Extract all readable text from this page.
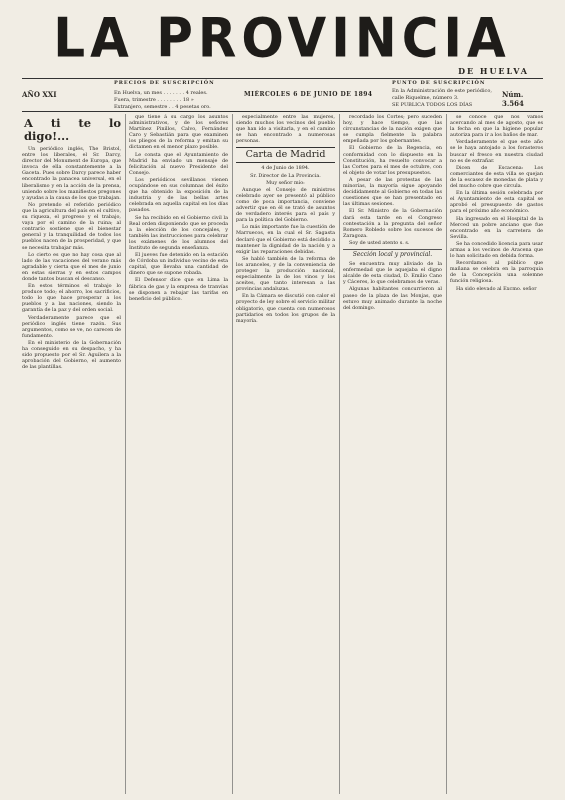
LA PROVINCIA
DE HUELVA
AÑO XXI
PRECIOS DE SUSCRIPCIÓN
En Huelva, un mes . . . . . . . 4 reales.
Fuera, trimestre . . . . . . . . 18 »
Extranjero, semestre . . 4 pesetas oro.
MIÉRCOLES 6 DE JUNIO DE 1894
PUNTO DE SUSCRIPCIÓN
En la Administración de este periódico,
calle Riquelme, número 3.
SE PUBLICA TODOS LOS DÍAS
Núm. 3.564

A ti te lo digo!...

Un periódico inglés, The Bristol, entre los liberales, el Sr. Darcy, director del Monument de Europa, que invoca de ella constantemente a la Gaceta. Pues sobre Darcy parece haber encontrado la panacea universal, en el liberalismo y en la acción de la prensa, uniendo sobre los manifiestos pregones y ayudas a la causa de los que trabajan.

No pretendo el referido periódico que la agricultura del país en el cultivo, su riqueza, el progreso y el trabajo, vaya por el camino de la ruina; al contrario sostiene que el bienestar general y la tranquilidad de todos los pueblos nacen de la prosperidad, y que se necesita trabajar más.

Lo cierto es que no hay cosa que al lado de las vacaciones del verano más agradable y cierta que el mes de junio en estas sierras y en estos campos donde tantos buscan el descanso.

En estos términos el trabajo lo produce todo; el ahorro, los sacrificios, todo lo que hace prosperar a los pueblos y a las naciones, siendo la garantía de la paz y del orden social.

Verdaderamente parece que el periódico inglés tiene razón. Sus argumentos, como se ve, no carecen de fundamento.

En el ministerio de la Gobernación ha conseguido en su despacho, y ha sido propuesto por el Sr. Aguilera a la aprobación del Gobierno, el aumento de las plantillas.

que tiene á su cargo los asuntos administrativos, y de los señores Martínez Pinillos, Calvo, Fernández Caro y Sebastián para que examinen los pliegos de la reforma y emitan su dictamen en el menor plazo posible.

Le consta que el Ayuntamiento de Madrid ha enviado un mensaje de felicitación al nuevo Presidente del Consejo.

Los periódicos sevillanos vienen ocupándose en sus columnas del éxito que ha obtenido la exposición de la industria y de las bellas artes celebrada en aquella capital en los días pasados.

Se ha recibido en el Gobierno civil la Real orden disponiendo que se proceda a la elección de los concejales, y también las instrucciones para celebrar los exámenes de los alumnos del Instituto de segunda enseñanza.

El jueves fue detenido en la estación de Córdoba un individuo vecino de esta capital, que llevaba una cantidad de dinero que se supone robada.

El Defensor dice que en Lima la fábrica de gas y la empresa de tranvías se disponen a rebajar las tarifas en beneficio del público.

especialmente entre las mujeres, siendo muchos los vecinos del pueblo que han ido a visitarla, y en el camino se han encontrado a numerosas personas.

Carta de Madrid

4 de Junio de 1894.

Sr. Director de La Provincia.

Muy señor mío:

Aunque el Consejo de ministros celebrado ayer se presentó al público como de poca importancia, conviene advertir que en él se trató de asuntos de verdadero interés para el país y para la política del Gobierno.

Lo más importante fue la cuestión de Marruecos, en la cual el Sr. Sagasta declaró que el Gobierno está decidido a mantener la dignidad de la nación y a exigir las reparaciones debidas.

Se habló también de la reforma de los aranceles, y de la conveniencia de proteger la producción nacional, especialmente la de los vinos y los aceites, que tanto interesan a las provincias andaluzas.

En la Cámara se discutió con calor el proyecto de ley sobre el servicio militar obligatorio, que cuenta con numerosos partidarios en todos los grupos de la mayoría.

recordado los Cortes; pero suceden hoy, y hace tiempo, que las circunstancias de la nación exigen que se cumpla fielmente la palabra empeñada por los gobernantes.

El Gobierno de la Regencia, en conformidad con lo dispuesto en la Constitución, ha resuelto convocar a las Cortes para el mes de octubre, con el objeto de votar los presupuestos.

A pesar de las protestas de las minorías, la mayoría sigue apoyando decididamente al Gobierno en todas las cuestiones que se han presentado en las últimas sesiones.

El Sr. Ministro de la Gobernación dará esta tarde en el Congreso contestación a la pregunta del señor Romero Robledo sobre los sucesos de Zaragoza.

Soy de usted atento s. s.

Sección local y provincial.

Se encuentra muy aliviado de la enfermedad que le aquejaba el digno alcalde de esta ciudad, D. Emilio Cano y Cáceres, lo que celebramos de veras.

Algunas habitantes concurrieron al paseo de la plaza de las Monjas, que estuvo muy animado durante la noche del domingo.

se conoce que nos vamos acercando al mes de agosto, que es la fecha en que la higiene popular autoriza para ir a los baños de mar.

Verdaderamente el que este año se le haya antojado a los forasteros buscar el fresco en nuestra ciudad no es de extrañar.

Dicen de Escacena: Los comerciantes de esta villa se quejan de la escasez de monedas de plata y del mucho cobre que circula.

En la última sesión celebrada por el Ayuntamiento de esta capital se aprobó el presupuesto de gastos para el próximo año económico.

Ha ingresado en el Hospital de la Merced un pobre anciano que fue encontrado en la carretera de Sevilla.

Se ha concedido licencia para usar armas a los vecinos de Aracena que lo han solicitado en debida forma.

Recordamos al público que mañana se celebra en la parroquia de la Concepción una solemne función religiosa.

Ha sido elevado al Excmo. señor
